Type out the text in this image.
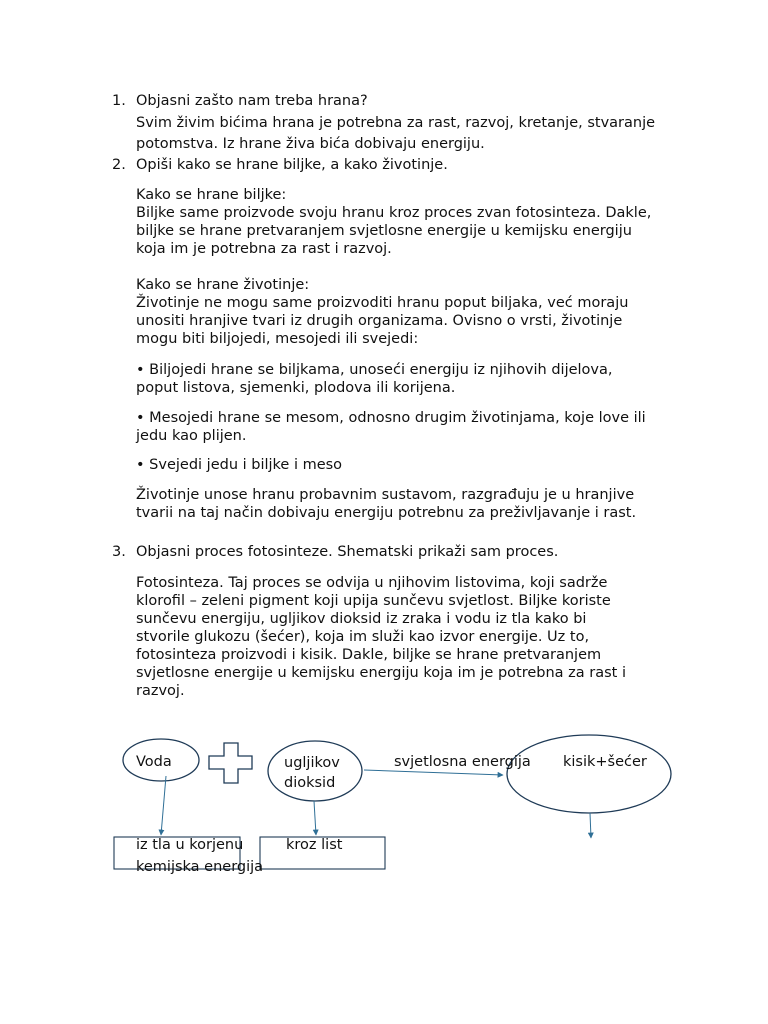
1. Objasni zašto nam treba hrana?
Svim živim bićima hrana je potrebna za rast, razvoj, kretanje, stvaranje
potomstva. Iz hrane živa bića dobivaju energiju.
2. Opiši kako se hrane biljke, a kako životinje.
Kako se hrane biljke:
Biljke same proizvode svoju hranu kroz proces zvan fotosinteza. Dakle,
biljke se hrane pretvaranjem svjetlosne energije u kemijsku energiju
koja im je potrebna za rast i razvoj.
Kako se hrane životinje:
Životinje ne mogu same proizvoditi hranu poput biljaka, već moraju
unositi hranjive tvari iz drugih organizama. Ovisno o vrsti, životinje
mogu biti biljojedi, mesojedi ili svejedi:
• Biljojedi hrane se biljkama, unoseći energiju iz njihovih dijelova,
poput listova, sjemenki, plodova ili korijena.
• Mesojedi hrane se mesom, odnosno drugim životinjama, koje love ili
jedu kao plijen.
• Svejedi jedu i biljke i meso
Životinje unose hranu probavnim sustavom, razgrađuju je u hranjive
tvarii na taj način dobivaju energiju potrebnu za preživljavanje i rast.
3. Objasni proces fotosinteze. Shematski prikaži sam proces.
Fotosinteza. Taj proces se odvija u njihovim listovima, koji sadrže
klorofil – zeleni pigment koji upija sunčevu svjetlost. Biljke koriste
sunčevu energiju, ugljikov dioksid iz zraka i vodu iz tla kako bi
stvorile glukozu (šećer), koja im služi kao izvor energije. Uz to,
fotosinteza proizvodi i kisik. Dakle, biljke se hrane pretvaranjem
svjetlosne energije u kemijsku energiju koja im je potrebna za rast i
razvoj.
Voda	ugljikov
dioksid
svjetlosna energija kisik+šećer
iz tla u korjenu	kroz list
kemijska energija
